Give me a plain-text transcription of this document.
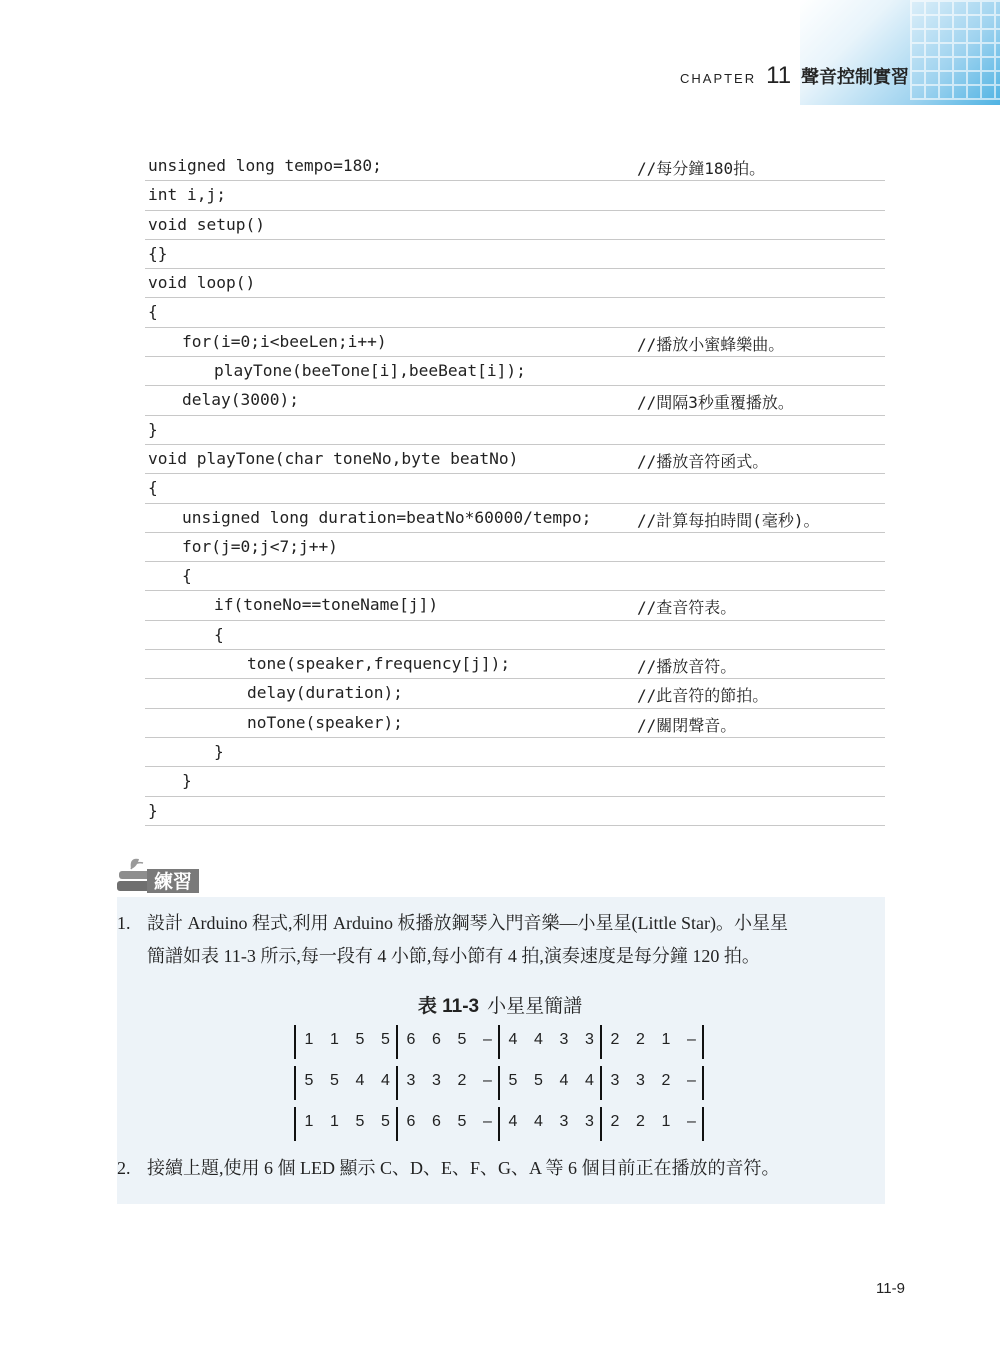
CHAPTER 11 聲音控制實習
unsigned long tempo=180;	//每分鐘180拍。
int i,j;
void setup()
{}
void loop()
{
for(i=0;i<beeLen;i++)	//播放小蜜蜂樂曲。
playTone(beeTone[i],beeBeat[i]);
delay(3000);	//間隔3秒重覆播放。
}
void playTone(char toneNo,byte beatNo)	//播放音符函式。
{
unsigned long duration=beatNo*60000/tempo;	//計算每拍時間(毫秒)。
for(j=0;j<7;j++)
{
if(toneNo==toneName[j])	//查音符表。
{
tone(speaker,frequency[j]);	//播放音符。
delay(duration);	//此音符的節拍。
noTone(speaker);	//關閉聲音。
}
}
}
練習
1. 設計 Arduino 程式,利用 Arduino 板播放鋼琴入門音樂—小星星(Little Star)。小星星
簡譜如表 11-3 所示,每一段有 4 小節,每小節有 4 拍,演奏速度是每分鐘 120 拍。
表 11-3 小星星簡譜
1 1 5 5 6 6 5 – 4 4 3 3 2 2 1 –
5 5 4 4 3 3 2 – 5 5 4 4 3 3 2 –
1 1 5 5 6 6 5 – 4 4 3 3 2 2 1 –
2. 接續上題,使用 6 個 LED 顯示 C、D、E、F、G、A 等 6 個目前正在播放的音符。
11-9
